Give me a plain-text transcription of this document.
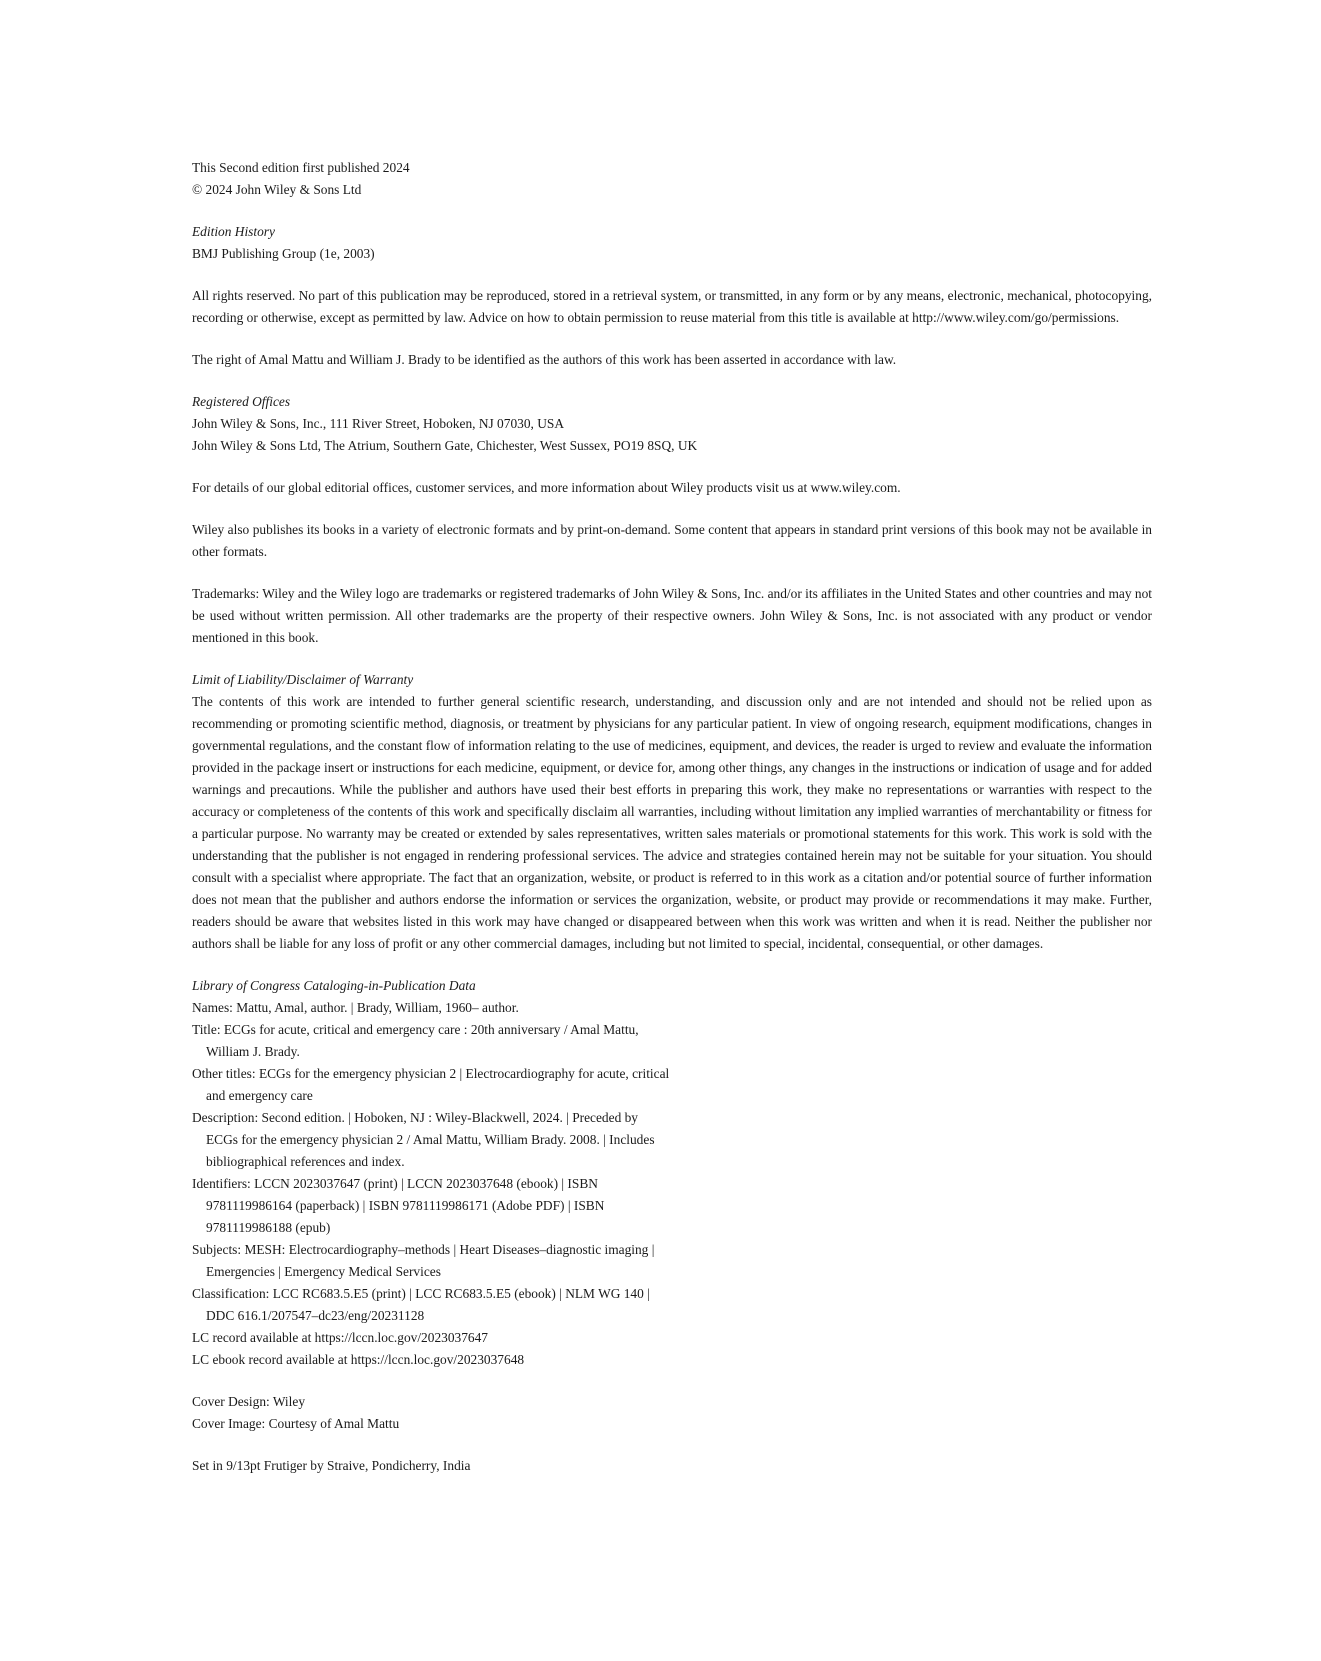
This Second edition first published 2024
© 2024 John Wiley & Sons Ltd
Edition History
BMJ Publishing Group (1e, 2003)
All rights reserved. No part of this publication may be reproduced, stored in a retrieval system, or transmitted, in any form or by any means, electronic, mechanical, photocopying, recording or otherwise, except as permitted by law. Advice on how to obtain permission to reuse material from this title is available at http://www.wiley.com/go/permissions.
The right of Amal Mattu and William J. Brady to be identified as the authors of this work has been asserted in accordance with law.
Registered Offices
John Wiley & Sons, Inc., 111 River Street, Hoboken, NJ 07030, USA
John Wiley & Sons Ltd, The Atrium, Southern Gate, Chichester, West Sussex, PO19 8SQ, UK
For details of our global editorial offices, customer services, and more information about Wiley products visit us at www.wiley.com.
Wiley also publishes its books in a variety of electronic formats and by print-on-demand. Some content that appears in standard print versions of this book may not be available in other formats.
Trademarks: Wiley and the Wiley logo are trademarks or registered trademarks of John Wiley & Sons, Inc. and/or its affiliates in the United States and other countries and may not be used without written permission. All other trademarks are the property of their respective owners. John Wiley & Sons, Inc. is not associated with any product or vendor mentioned in this book.
Limit of Liability/Disclaimer of Warranty
The contents of this work are intended to further general scientific research, understanding, and discussion only and are not intended and should not be relied upon as recommending or promoting scientific method, diagnosis, or treatment by physicians for any particular patient. In view of ongoing research, equipment modifications, changes in governmental regulations, and the constant flow of information relating to the use of medicines, equipment, and devices, the reader is urged to review and evaluate the information provided in the package insert or instructions for each medicine, equipment, or device for, among other things, any changes in the instructions or indication of usage and for added warnings and precautions. While the publisher and authors have used their best efforts in preparing this work, they make no representations or warranties with respect to the accuracy or completeness of the contents of this work and specifically disclaim all warranties, including without limitation any implied warranties of merchantability or fitness for a particular purpose. No warranty may be created or extended by sales representatives, written sales materials or promotional statements for this work. This work is sold with the understanding that the publisher is not engaged in rendering professional services. The advice and strategies contained herein may not be suitable for your situation. You should consult with a specialist where appropriate. The fact that an organization, website, or product is referred to in this work as a citation and/or potential source of further information does not mean that the publisher and authors endorse the information or services the organization, website, or product may provide or recommendations it may make. Further, readers should be aware that websites listed in this work may have changed or disappeared between when this work was written and when it is read. Neither the publisher nor authors shall be liable for any loss of profit or any other commercial damages, including but not limited to special, incidental, consequential, or other damages.
Library of Congress Cataloging-in-Publication Data
Names: Mattu, Amal, author. | Brady, William, 1960– author.
Title: ECGs for acute, critical and emergency care : 20th anniversary / Amal Mattu, William J. Brady.
Other titles: ECGs for the emergency physician 2 | Electrocardiography for acute, critical and emergency care
Description: Second edition. | Hoboken, NJ : Wiley-Blackwell, 2024. | Preceded by ECGs for the emergency physician 2 / Amal Mattu, William Brady. 2008. | Includes bibliographical references and index.
Identifiers: LCCN 2023037647 (print) | LCCN 2023037648 (ebook) | ISBN 9781119986164 (paperback) | ISBN 9781119986171 (Adobe PDF) | ISBN 9781119986188 (epub)
Subjects: MESH: Electrocardiography–methods | Heart Diseases–diagnostic imaging | Emergencies | Emergency Medical Services
Classification: LCC RC683.5.E5 (print) | LCC RC683.5.E5 (ebook) | NLM WG 140 | DDC 616.1/207547–dc23/eng/20231128
LC record available at https://lccn.loc.gov/2023037647
LC ebook record available at https://lccn.loc.gov/2023037648
Cover Design: Wiley
Cover Image: Courtesy of Amal Mattu
Set in 9/13pt Frutiger by Straive, Pondicherry, India
